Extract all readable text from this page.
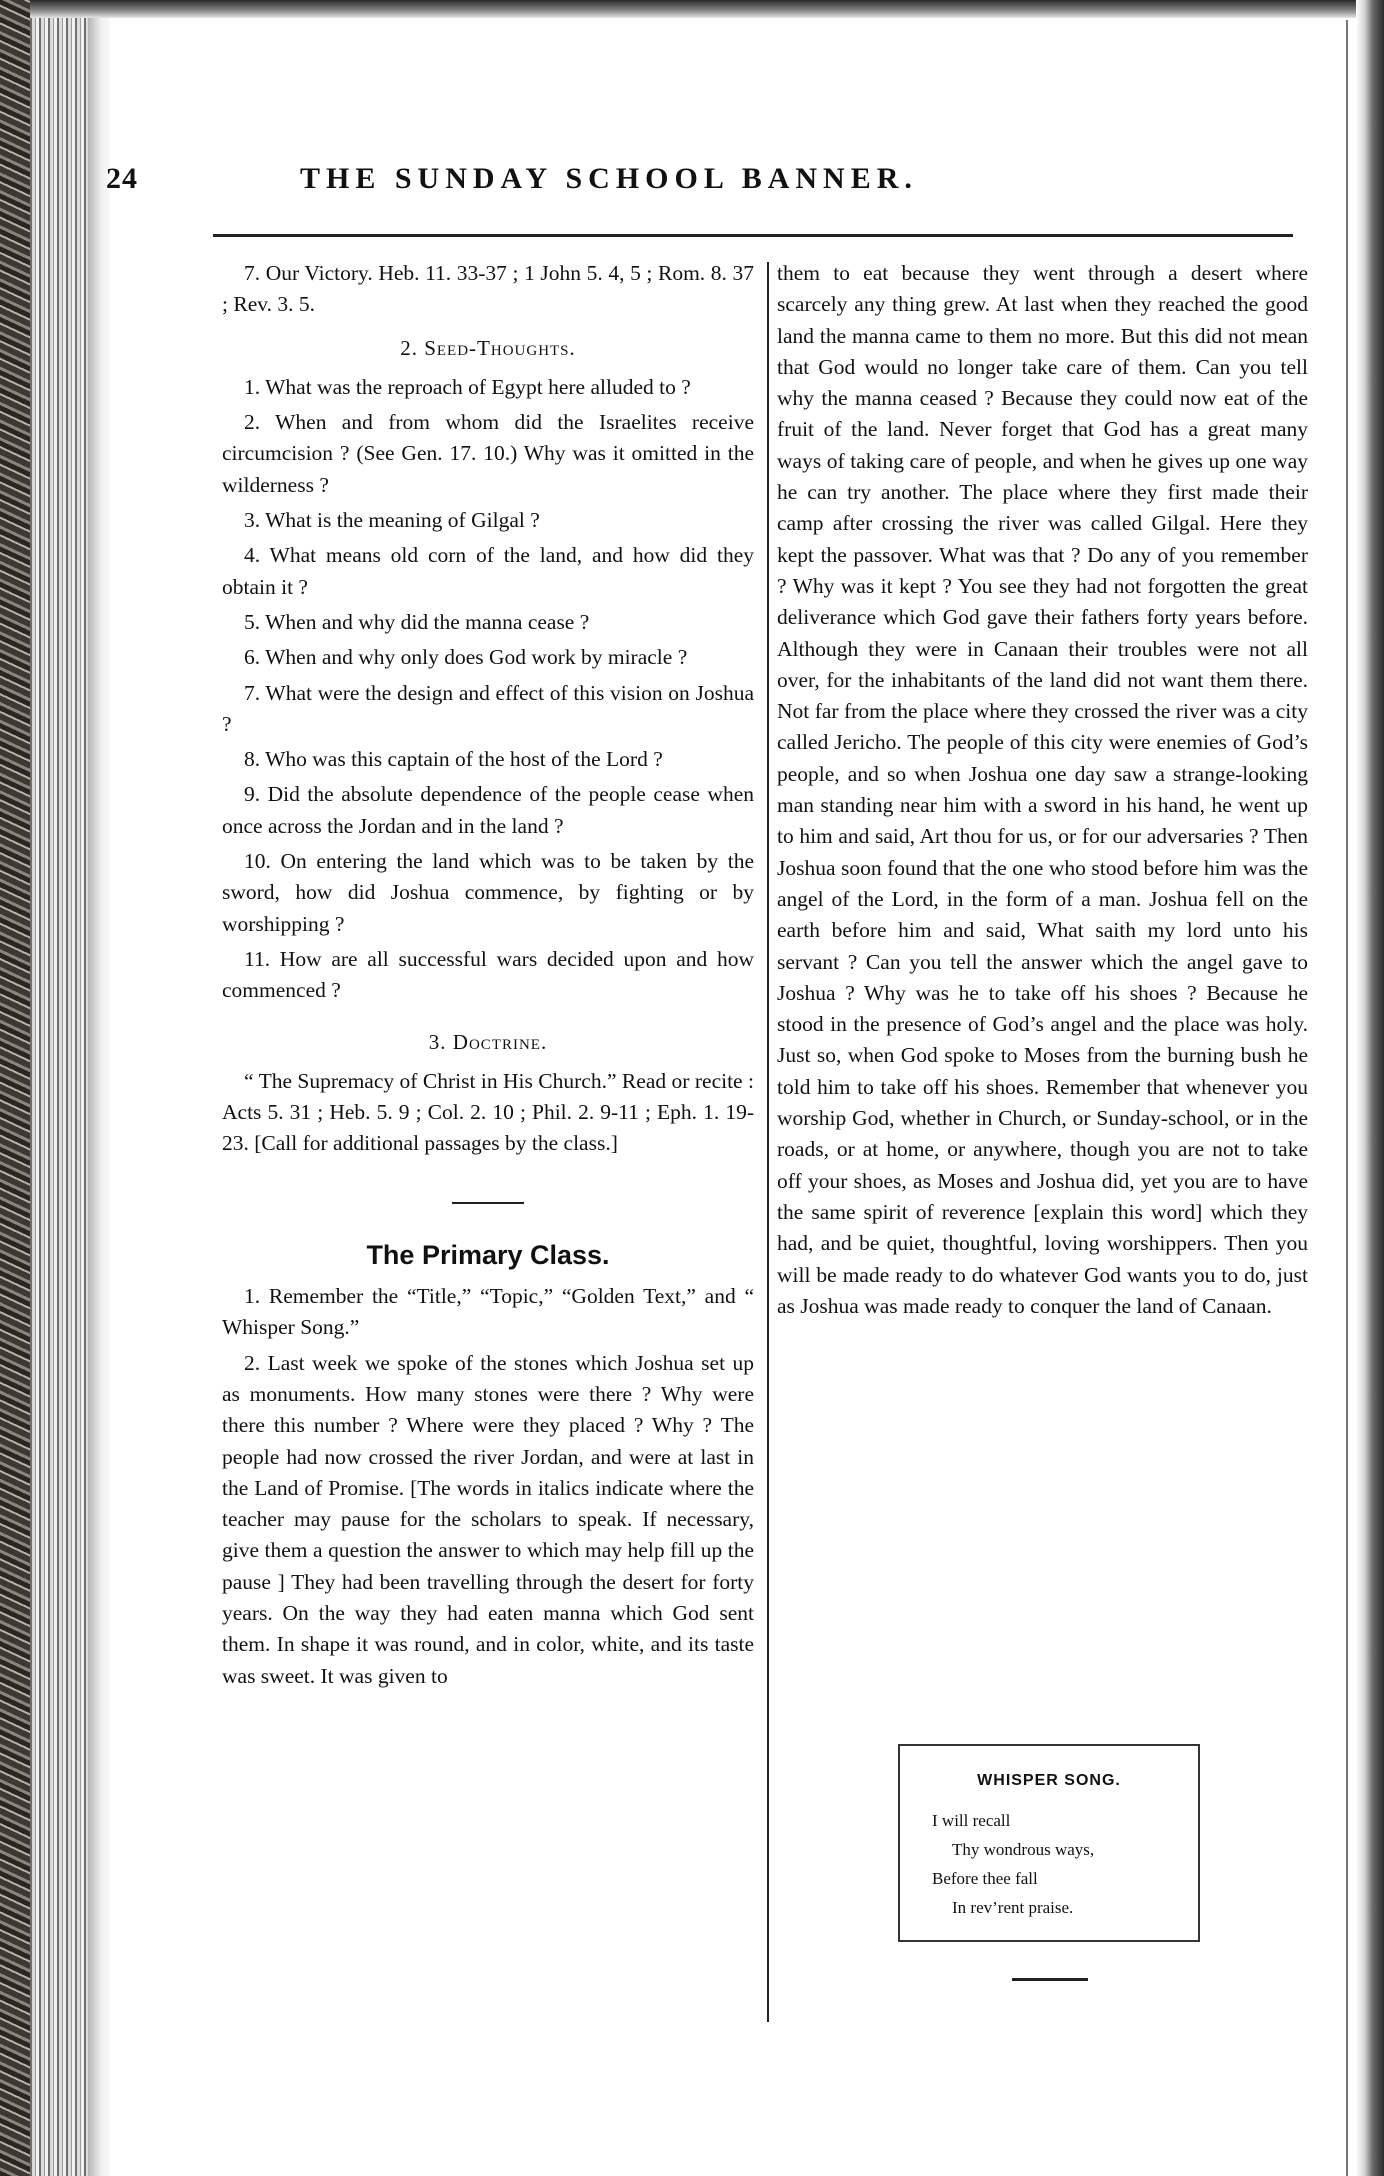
24	THE SUNDAY SCHOOL BANNER.

7. Our Victory. Heb. 11. 33-37 ; 1 John 5. 4, 5 ; Rom. 8. 37 ; Rev. 3. 5.

2. Seed-Thoughts.

1. What was the reproach of Egypt here alluded to ?

2. When and from whom did the Israelites receive circumcision ? (See Gen. 17. 10.) Why was it omitted in the wilderness ?

3. What is the meaning of Gilgal ?

4. What means old corn of the land, and how did they obtain it ?

5. When and why did the manna cease ?

6. When and why only does God work by miracle ?

7. What were the design and effect of this vision on Joshua ?

8. Who was this captain of the host of the Lord ?

9. Did the absolute dependence of the people cease when once across the Jordan and in the land ?

10. On entering the land which was to be taken by the sword, how did Joshua commence, by fighting or by worshipping ?

11. How are all successful wars decided upon and how commenced ?

3. Doctrine.

“ The Supremacy of Christ in His Church.” Read or recite : Acts 5. 31 ; Heb. 5. 9 ; Col. 2. 10 ; Phil. 2. 9-11 ; Eph. 1. 19-23. [Call for additional passages by the class.]

The Primary Class.

1. Remember the “Title,” “Topic,” “Golden Text,” and “ Whisper Song.”

2. Last week we spoke of the stones which Joshua set up as monuments. How many stones were there ? Why were there this number ? Where were they placed ? Why ? The people had now crossed the river Jordan, and were at last in the Land of Promise. [The words in italics indicate where the teacher may pause for the scholars to speak. If necessary, give them a question the answer to which may help fill up the pause ] They had been travelling through the desert for forty years. On the way they had eaten manna which God sent them. In shape it was round, and in color, white, and its taste was sweet. It was given to

them to eat because they went through a desert where scarcely any thing grew. At last when they reached the good land the manna came to them no more. But this did not mean that God would no longer take care of them. Can you tell why the manna ceased ? Because they could now eat of the fruit of the land. Never forget that God has a great many ways of taking care of people, and when he gives up one way he can try another. The place where they first made their camp after crossing the river was called Gilgal. Here they kept the passover. What was that ? Do any of you remember ? Why was it kept ? You see they had not forgotten the great deliverance which God gave their fathers forty years before. Although they were in Canaan their troubles were not all over, for the inhabitants of the land did not want them there. Not far from the place where they crossed the river was a city called Jericho. The people of this city were enemies of God’s people, and so when Joshua one day saw a strange-looking man standing near him with a sword in his hand, he went up to him and said, Art thou for us, or for our adversaries ? Then Joshua soon found that the one who stood before him was the angel of the Lord, in the form of a man. Joshua fell on the earth before him and said, What saith my lord unto his servant ? Can you tell the answer which the angel gave to Joshua ? Why was he to take off his shoes ? Because he stood in the presence of God’s angel and the place was holy. Just so, when God spoke to Moses from the burning bush he told him to take off his shoes. Remember that whenever you worship God, whether in Church, or Sunday-school, or in the roads, or at home, or anywhere, though you are not to take off your shoes, as Moses and Joshua did, yet you are to have the same spirit of reverence [explain this word] which they had, and be quiet, thoughtful, loving worshippers. Then you will be made ready to do whatever God wants you to do, just as Joshua was made ready to conquer the land of Canaan.

WHISPER SONG.
I will recall
Thy wondrous ways,
Before thee fall
In rev’rent praise.
